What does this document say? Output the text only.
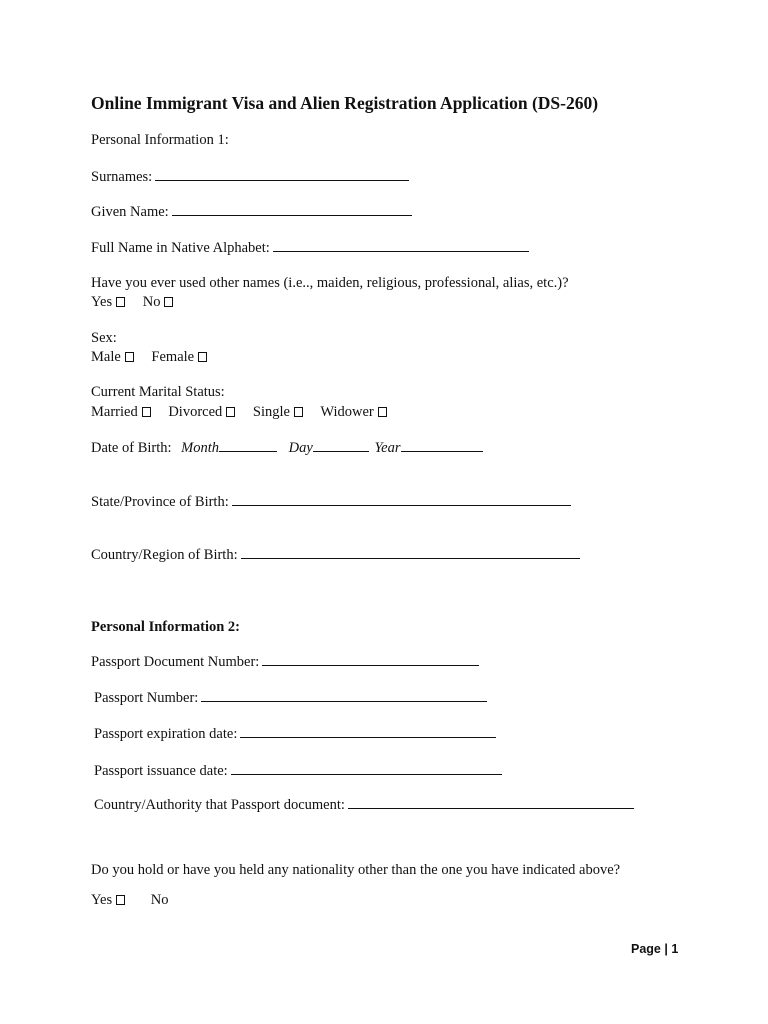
Online Immigrant Visa and Alien Registration Application (DS-260)
Personal Information 1:
Surnames:
Given Name:
Full Name in Native Alphabet:
Have you ever used other names (i.e.., maiden, religious, professional, alias, etc.)?
Yes No
Sex:
Male Female
Current Marital Status:
Married Divorced Single Widower
Date of Birth: Month	Day	Year
State/Province of Birth:
Country/Region of Birth:
Personal Information 2:
Passport Document Number:
Passport Number:
Passport expiration date:
Passport issuance date:
Country/Authority that Passport document:
Do you hold or have you held any nationality other than the one you have indicated above?
Yes	No
Page | 1
